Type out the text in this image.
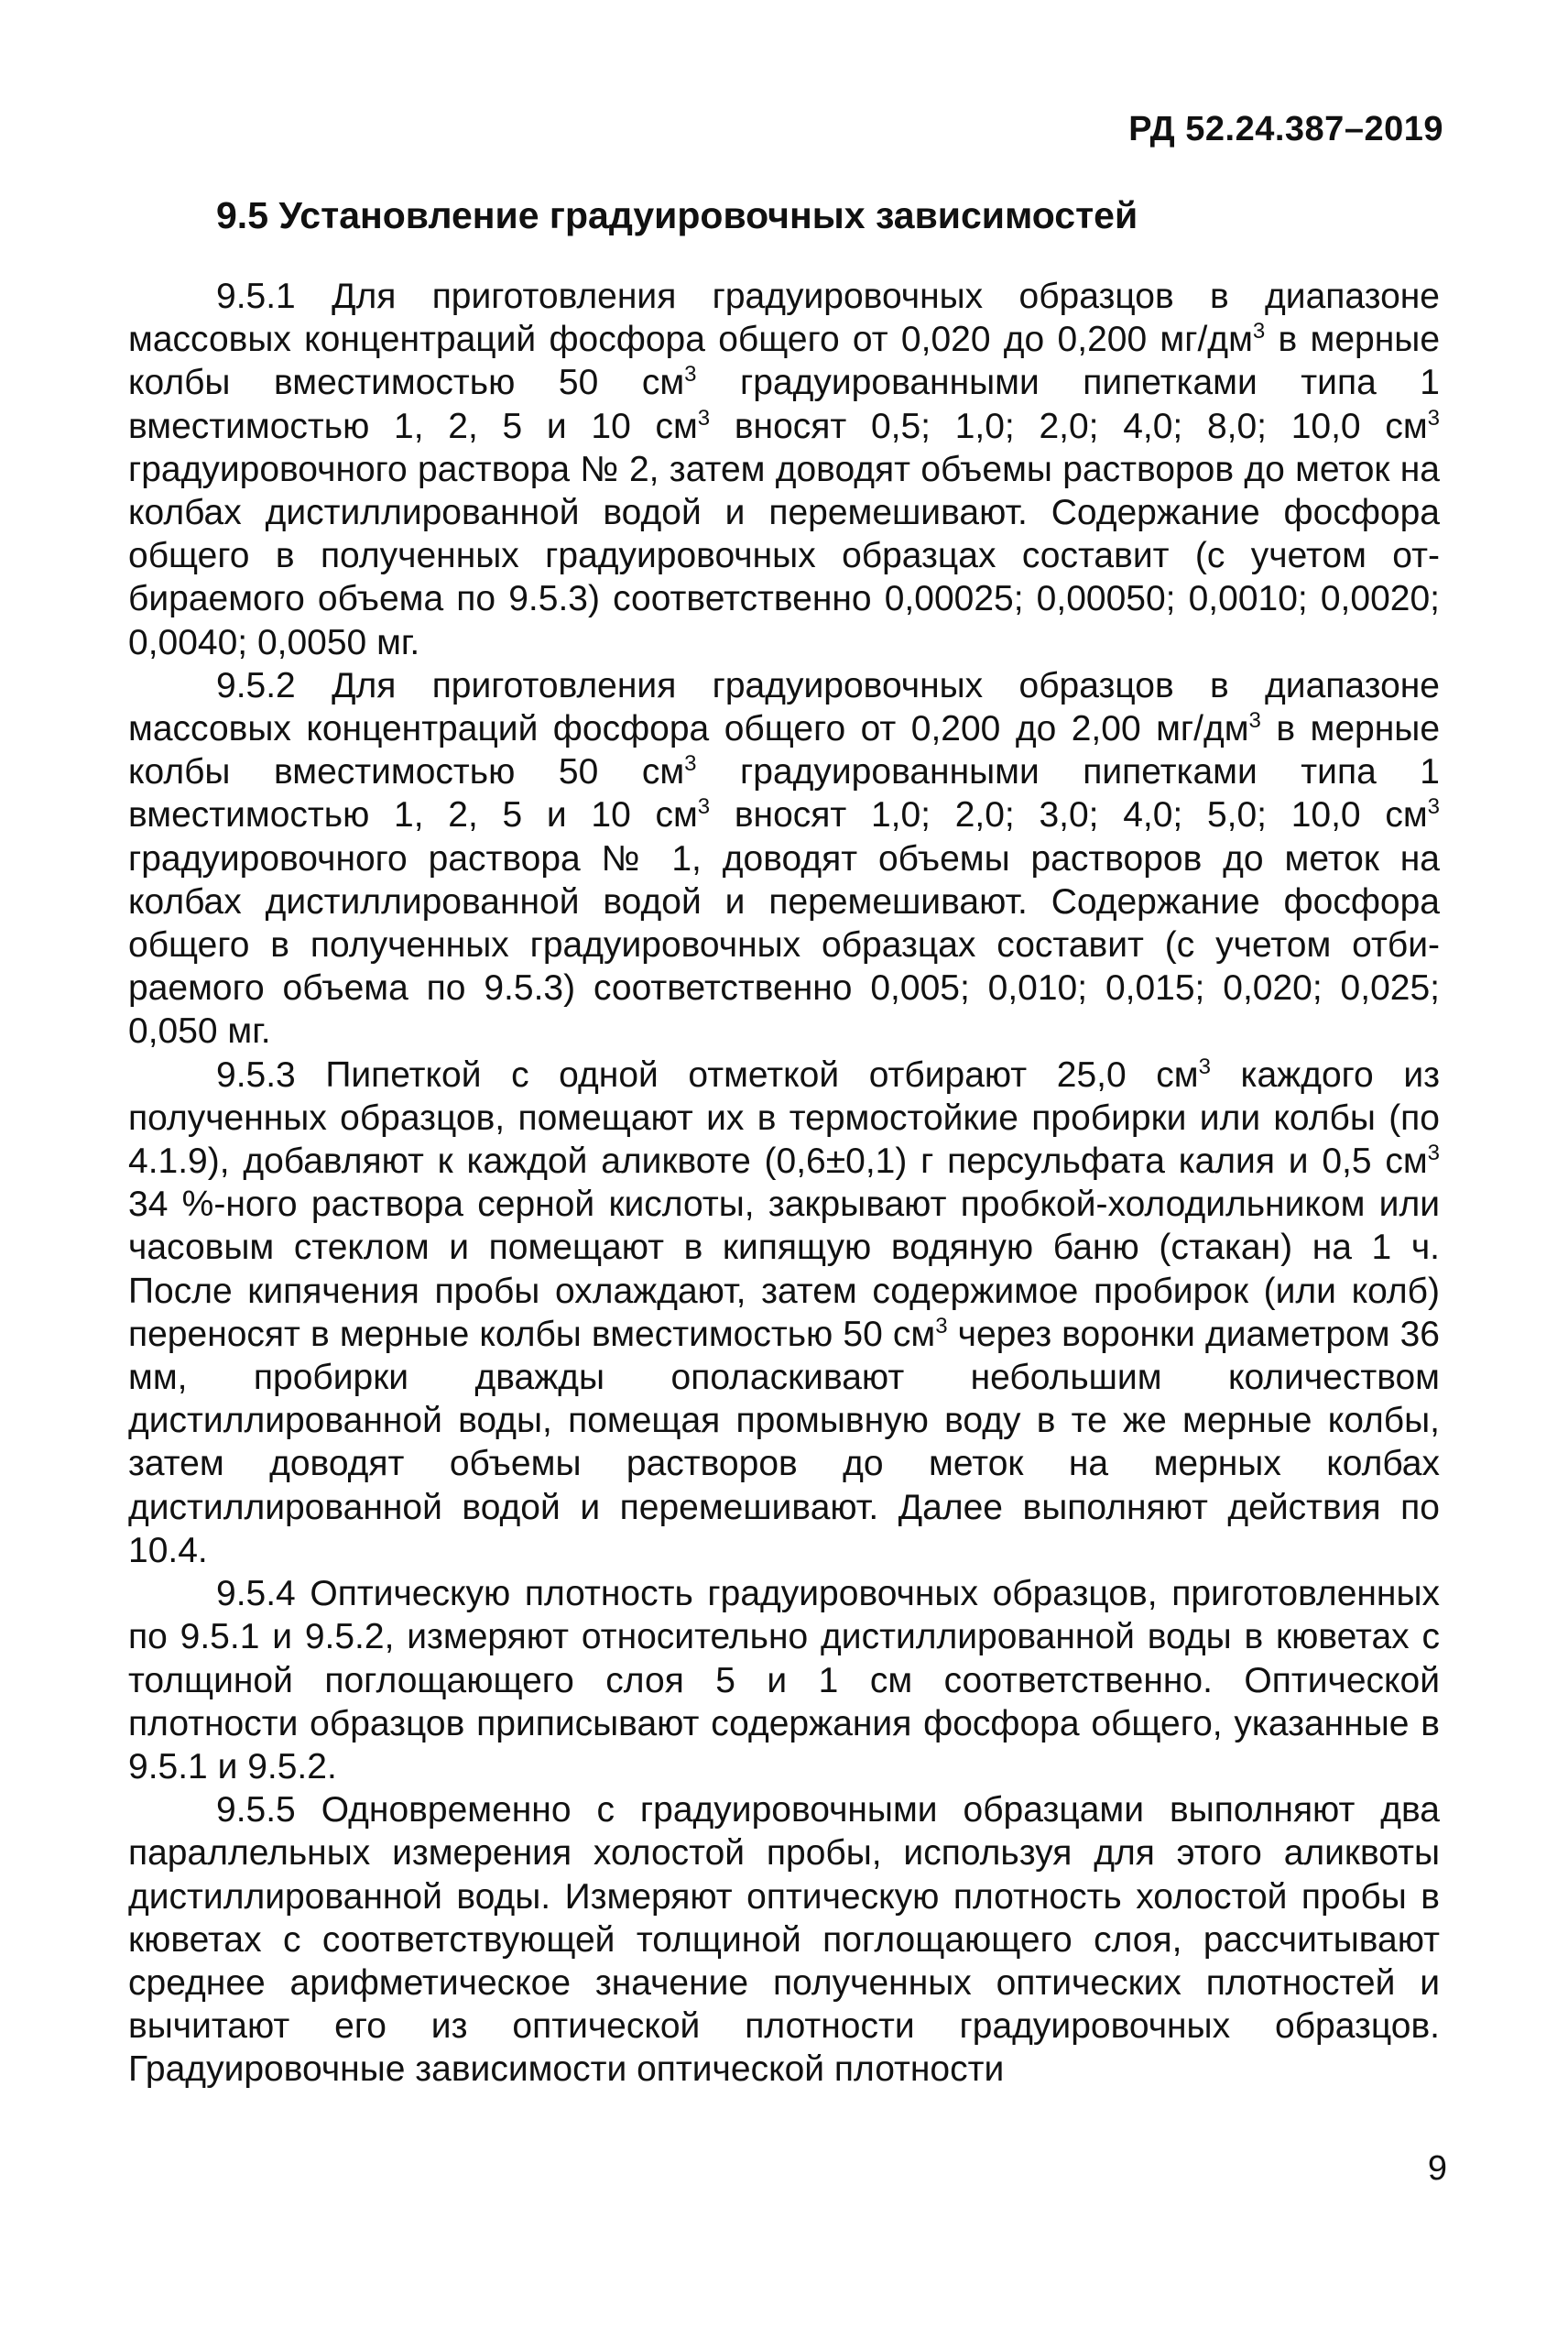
РД 52.24.387–2019
9.5 Установление градуировочных зависимостей

9.5.1 Для приготовления градуировочных образцов в диапазоне массовых концентраций фосфора общего от 0,020 до 0,200 $мг/дм^3$ в мерные колбы вместимостью 50 $см^3$ градуированными пипетками типа 1 вместимостью 1, 2, 5 и 10 $см^3$ вносят 0,5; 1,0; 2,0; 4,0; 8,0; 10,0 $см^3$ градуировочного раствора № 2, затем доводят объемы растворов до меток на колбах дистиллированной водой и перемешивают. Содержание фосфора общего в полученных градуировочных образцах составит (с учетом отбираемого объема по 9.5.3) соответственно 0,00025; 0,00050; 0,0010; 0,0020; 0,0040; 0,0050 мг.

9.5.2 Для приготовления градуировочных образцов в диапазоне массовых концентраций фосфора общего от 0,200 до 2,00 $мг/дм^3$ в мерные колбы вместимостью 50 $см^3$ градуированными пипетками типа 1 вместимостью 1, 2, 5 и 10 $см^3$ вносят 1,0; 2,0; 3,0; 4,0; 5,0; 10,0 $см^3$ градуировочного раствора № 1, доводят объемы растворов до меток на колбах дистиллированной водой и перемешивают. Содержание фосфора общего в полученных градуировочных образцах составит (с учетом отбираемого объема по 9.5.3) соответственно 0,005; 0,010; 0,015; 0,020; 0,025; 0,050 мг.

9.5.3 Пипеткой с одной отметкой отбирают 25,0 $см^3$ каждого из полученных образцов, помещают их в термостойкие пробирки или колбы (по 4.1.9), добавляют к каждой аликвоте (0,6±0,1) г персульфата калия и 0,5 $см^3$ 34 %-ного раствора серной кислоты, закрывают пробкой-холодильником или часовым стеклом и помещают в кипящую водяную баню (стакан) на 1 ч. После кипячения пробы охлаждают, затем содержимое пробирок (или колб) переносят в мерные колбы вместимостью 50 $см^3$ через воронки диаметром 36 мм, пробирки дважды ополаскивают небольшим количеством дистиллированной воды, помещая промывную воду в те же мерные колбы, затем доводят объемы растворов до меток на мерных колбах дистиллированной водой и перемешивают. Далее выполняют действия по 10.4.

9.5.4 Оптическую плотность градуировочных образцов, приготовленных по 9.5.1 и 9.5.2, измеряют относительно дистиллированной воды в кюветах с толщиной поглощающего слоя 5 и 1 см соответственно. Оптической плотности образцов приписывают содержания фосфора общего, указанные в 9.5.1 и 9.5.2.

9.5.5 Одновременно с градуировочными образцами выполняют два параллельных измерения холостой пробы, используя для этого аликвоты дистиллированной воды. Измеряют оптическую плотность холостой пробы в кюветах с соответствующей толщиной поглощающего слоя, рассчитывают среднее арифметическое значение полученных оптических плотностей и вычитают его из оптической плотности градуировочных образцов. Градуировочные зависимости оптической плотности

9
